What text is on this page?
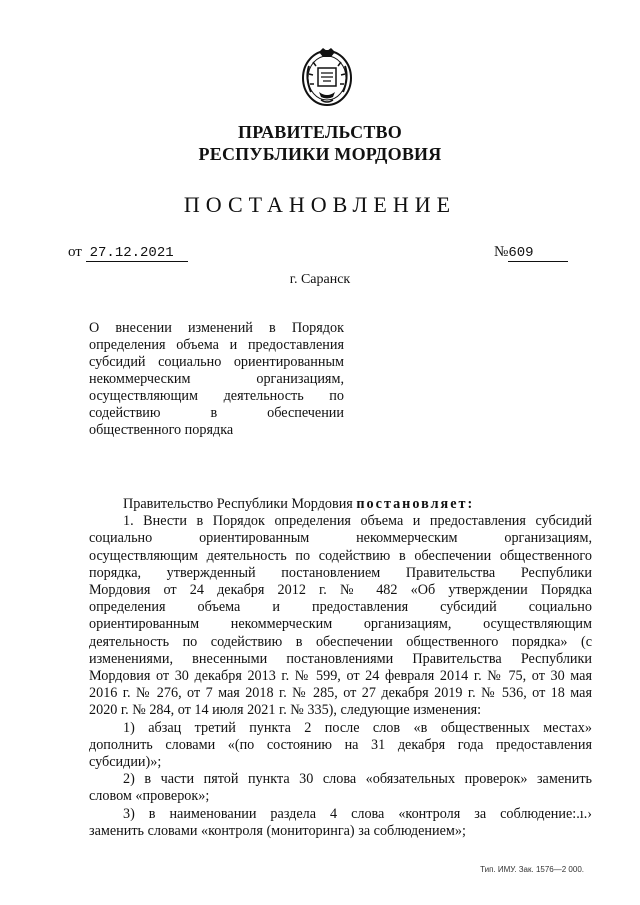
ПРАВИТЕЛЬСТВО
РЕСПУБЛИКИ МОРДОВИЯ
ПОСТАНОВЛЕНИЕ
от 27.12.2021	№609
г. Саранск
О внесении изменений в Порядок
определения объема и предоставления
субсидий социально ориентированным
некоммерческим организациям,
осуществляющим деятельность по
содействию в обеспечении
общественного порядка
Правительство Республики Мордовия постановляет:
1. Внести в Порядок определения объема и предоставления субсидий
социально ориентированным некоммерческим организациям,
осуществляющим деятельность по содействию в обеспечении общественного
порядка, утвержденный постановлением Правительства Республики
Мордовия от 24 декабря 2012 г. № 482 «Об утверждении Порядка
определения объема и предоставления субсидий социально
ориентированным некоммерческим организациям, осуществляющим
деятельность по содействию в обеспечении общественного порядка» (с
изменениями, внесенными постановлениями Правительства Республики
Мордовия от 30 декабря 2013 г. № 599, от 24 февраля 2014 г. № 75, от 30 мая
2016 г. № 276, от 7 мая 2018 г. № 285, от 27 декабря 2019 г. № 536, от 18 мая
2020 г. № 284, от 14 июля 2021 г. № 335), следующие изменения:
1) абзац третий пункта 2 после слов «в общественных местах»
дополнить словами «(по состоянию на 31 декабря года предоставления
субсидии)»;
2) в части пятой пункта 30 слова «обязательных проверок» заменить
словом «проверок»;
3) в наименовании раздела 4 слова «контроля за соблюдение:.ı.›
заменить словами «контроля (мониторинга) за соблюдением»;
Тип. ИМУ. Зак. 1576—2 000.
